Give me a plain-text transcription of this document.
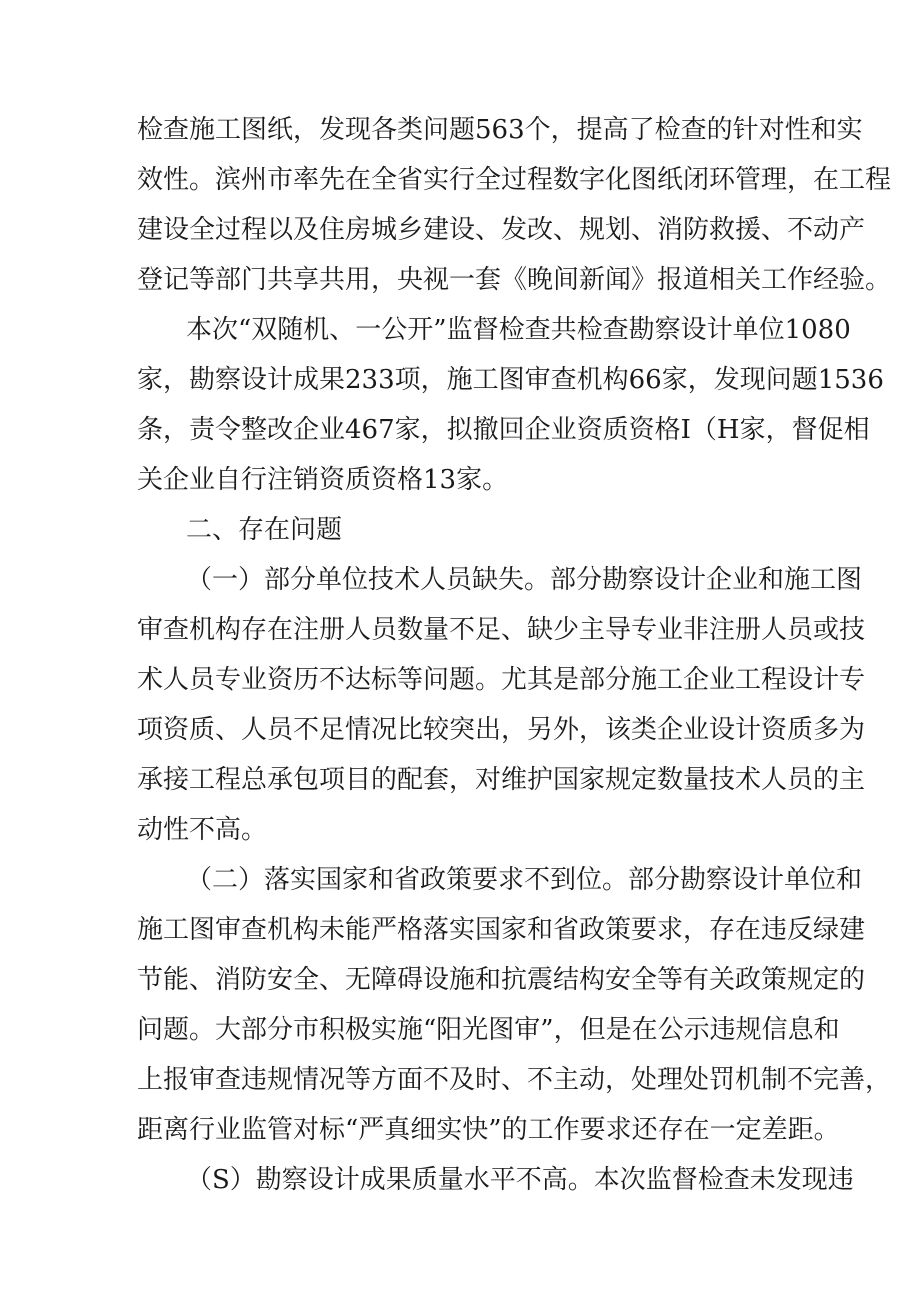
检查施工图纸，发现各类问题563个，提高了检查的针对性和实
效性。滨州市率先在全省实行全过程数字化图纸闭环管理，在工程
建设全过程以及住房城乡建设、发改、规划、消防救援、不动产
登记等部门共享共用，央视一套《晚间新闻》报道相关工作经验。
本次“双随机、一公开”监督检查共检查勘察设计单位1080
家，勘察设计成果233项，施工图审查机构66家，发现问题1536
条，责令整改企业467家，拟撤回企业资质资格I（H家，督促相
关企业自行注销资质资格13家。
二、存在问题
（一）部分单位技术人员缺失。部分勘察设计企业和施工图
审查机构存在注册人员数量不足、缺少主导专业非注册人员或技
术人员专业资历不达标等问题。尤其是部分施工企业工程设计专
项资质、人员不足情况比较突出，另外，该类企业设计资质多为
承接工程总承包项目的配套，对维护国家规定数量技术人员的主
动性不高。
（二）落实国家和省政策要求不到位。部分勘察设计单位和
施工图审查机构未能严格落实国家和省政策要求，存在违反绿建
节能、消防安全、无障碍设施和抗震结构安全等有关政策规定的
问题。大部分市积极实施“阳光图审”，但是在公示违规信息和
上报审查违规情况等方面不及时、不主动，处理处罚机制不完善，
距离行业监管对标“严真细实快”的工作要求还存在一定差距。
（S）勘察设计成果质量水平不高。本次监督检查未发现违
